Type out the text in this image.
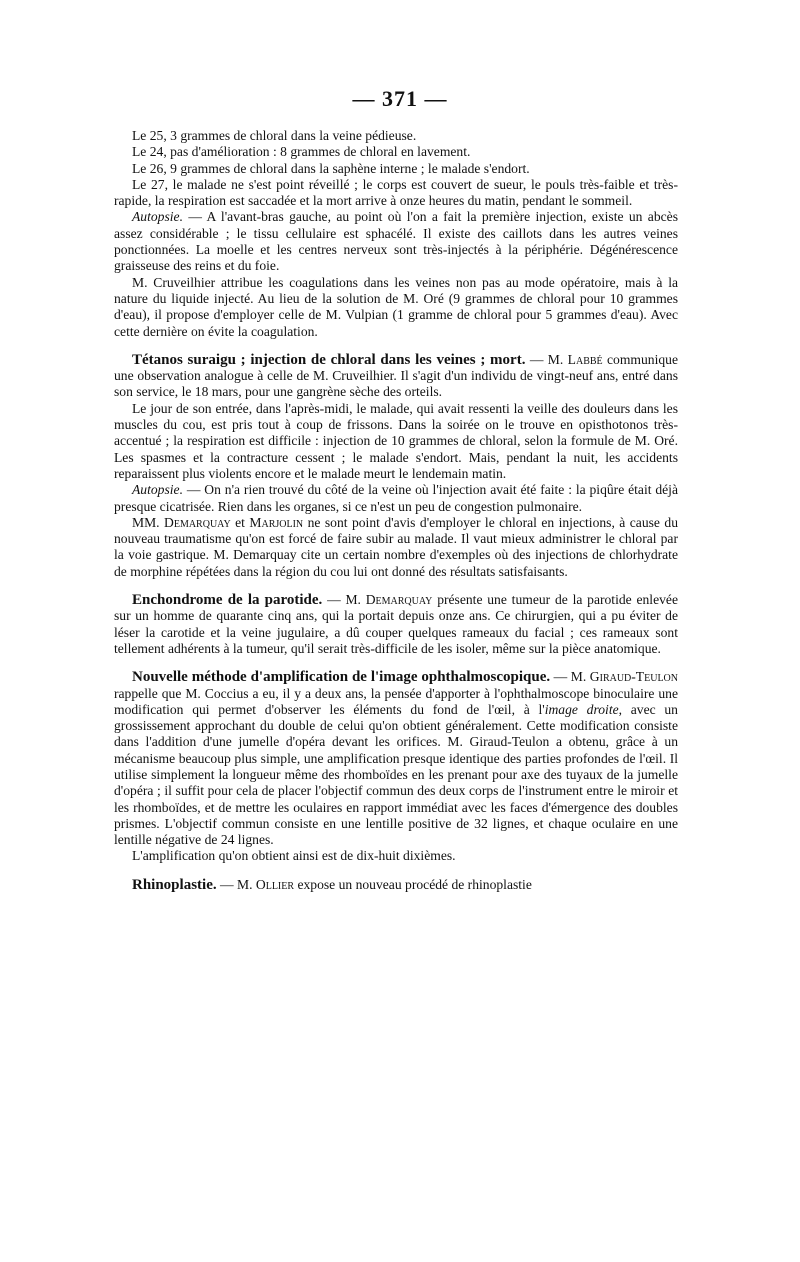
— 371 —

Le 25, 3 grammes de chloral dans la veine pédieuse.

Le 24, pas d'amélioration : 8 grammes de chloral en lavement.

Le 26, 9 grammes de chloral dans la saphène interne ; le malade s'endort.

Le 27, le malade ne s'est point réveillé ; le corps est couvert de sueur, le pouls très-faible et très-rapide, la respiration est saccadée et la mort arrive à onze heures du matin, pendant le sommeil.

Autopsie. — A l'avant-bras gauche, au point où l'on a fait la première injection, existe un abcès assez considérable ; le tissu cellulaire est sphacélé. Il existe des caillots dans les autres veines ponctionnées. La moelle et les centres nerveux sont très-injectés à la périphérie. Dégénérescence graisseuse des reins et du foie.

M. Cruveilhier attribue les coagulations dans les veines non pas au mode opératoire, mais à la nature du liquide injecté. Au lieu de la solution de M. Oré (9 grammes de chloral pour 10 grammes d'eau), il propose d'employer celle de M. Vulpian (1 gramme de chloral pour 5 grammes d'eau). Avec cette dernière on évite la coagulation.

Tétanos suraigu ; injection de chloral dans les veines ; mort. — M. Labbé communique une observation analogue à celle de M. Cruveilhier. Il s'agit d'un individu de vingt-neuf ans, entré dans son service, le 18 mars, pour une gangrène sèche des orteils.

Le jour de son entrée, dans l'après-midi, le malade, qui avait ressenti la veille des douleurs dans les muscles du cou, est pris tout à coup de frissons. Dans la soirée on le trouve en opisthotonos très-accentué ; la respiration est difficile : injection de 10 grammes de chloral, selon la formule de M. Oré. Les spasmes et la contracture cessent ; le malade s'endort. Mais, pendant la nuit, les accidents reparaissent plus violents encore et le malade meurt le lendemain matin.

Autopsie. — On n'a rien trouvé du côté de la veine où l'injection avait été faite : la piqûre était déjà presque cicatrisée. Rien dans les organes, si ce n'est un peu de congestion pulmonaire.

MM. Demarquay et Marjolin ne sont point d'avis d'employer le chloral en injections, à cause du nouveau traumatisme qu'on est forcé de faire subir au malade. Il vaut mieux administrer le chloral par la voie gastrique. M. Demarquay cite un certain nombre d'exemples où des injections de chlorhydrate de morphine répétées dans la région du cou lui ont donné des résultats satisfaisants.

Enchondrome de la parotide. — M. Demarquay présente une tumeur de la parotide enlevée sur un homme de quarante cinq ans, qui la portait depuis onze ans. Ce chirurgien, qui a pu éviter de léser la carotide et la veine jugulaire, a dû couper quelques rameaux du facial ; ces rameaux sont tellement adhérents à la tumeur, qu'il serait très-difficile de les isoler, même sur la pièce anatomique.

Nouvelle méthode d'amplification de l'image ophthalmoscopique. — M. Giraud-Teulon rappelle que M. Coccius a eu, il y a deux ans, la pensée d'apporter à l'ophthalmoscope binoculaire une modification qui permet d'observer les éléments du fond de l'œil, à l'image droite, avec un grossissement approchant du double de celui qu'on obtient généralement. Cette modification consiste dans l'addition d'une jumelle d'opéra devant les orifices. M. Giraud-Teulon a obtenu, grâce à un mécanisme beaucoup plus simple, une amplification presque identique des parties profondes de l'œil. Il utilise simplement la longueur même des rhomboïdes en les prenant pour axe des tuyaux de la jumelle d'opéra ; il suffit pour cela de placer l'objectif commun des deux corps de l'instrument entre le miroir et les rhomboïdes, et de mettre les oculaires en rapport immédiat avec les faces d'émergence des doubles prismes. L'objectif commun consiste en une lentille positive de 32 lignes, et chaque oculaire en une lentille négative de 24 lignes.

L'amplification qu'on obtient ainsi est de dix-huit dixièmes.

Rhinoplastie. — M. Ollier expose un nouveau procédé de rhinoplastie
